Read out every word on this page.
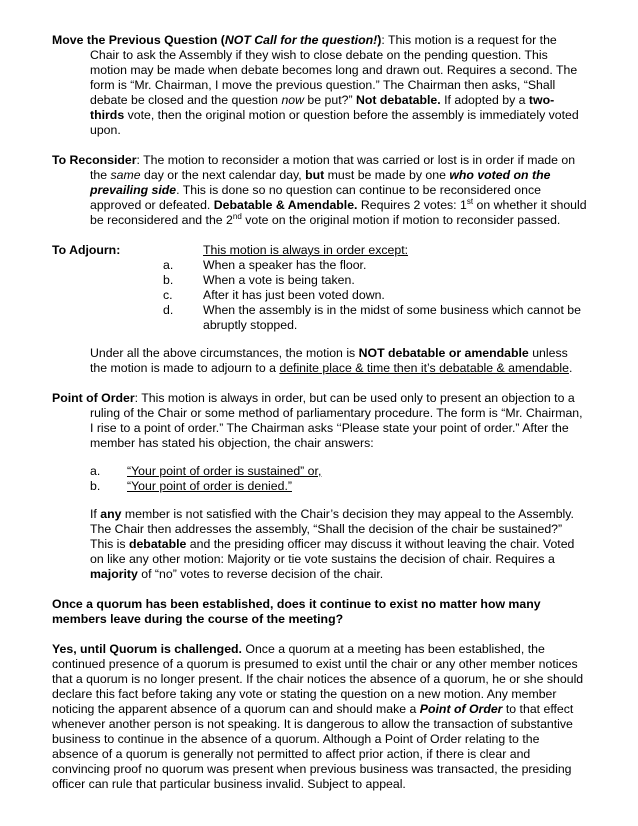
Move the Previous Question (NOT Call for the question!): This motion is a request for the Chair to ask the Assembly if they wish to close debate on the pending question. This motion may be made when debate becomes long and drawn out. Requires a second. The form is “Mr. Chairman, I move the previous question.” The Chairman then asks, “Shall debate be closed and the question now be put?” Not debatable. If adopted by a two-thirds vote, then the original motion or question before the assembly is immediately voted upon.

To Reconsider: The motion to reconsider a motion that was carried or lost is in order if made on the same day or the next calendar day, but must be made by one who voted on the prevailing side. This is done so no question can continue to be reconsidered once approved or defeated. Debatable & Amendable. Requires 2 votes: 1st on whether it should be reconsidered and the 2nd vote on the original motion if motion to reconsider passed.

To Adjourn:	This motion is always in order except:

a. When a speaker has the floor.

b. When a vote is being taken.

c. After it has just been voted down.

d. When the assembly is in the midst of some business which cannot be abruptly stopped.

Under all the above circumstances, the motion is NOT debatable or amendable unless the motion is made to adjourn to a definite place & time then it’s debatable & amendable.

Point of Order: This motion is always in order, but can be used only to present an objection to a ruling of the Chair or some method of parliamentary procedure. The form is “Mr. Chairman, I rise to a point of order.” The Chairman asks ‘‘Please state your point of order.” After the member has stated his objection, the chair answers:

a. “Your point of order is sustained” or,

b. “Your point of order is denied.”

If any member is not satisfied with the Chair’s decision they may appeal to the Assembly. The Chair then addresses the assembly, “Shall the decision of the chair be sustained?” This is debatable and the presiding officer may discuss it without leaving the chair. Voted on like any other motion: Majority or tie vote sustains the decision of chair. Requires a majority of “no” votes to reverse decision of the chair.

Once a quorum has been established, does it continue to exist no matter how many members leave during the course of the meeting?

Yes, until Quorum is challenged. Once a quorum at a meeting has been established, the continued presence of a quorum is presumed to exist until the chair or any other member notices that a quorum is no longer present. If the chair notices the absence of a quorum, he or she should declare this fact before taking any vote or stating the question on a new motion. Any member noticing the apparent absence of a quorum can and should make a Point of Order to that effect whenever another person is not speaking. It is dangerous to allow the transaction of substantive business to continue in the absence of a quorum. Although a Point of Order relating to the absence of a quorum is generally not permitted to affect prior action, if there is clear and convincing proof no quorum was present when previous business was transacted, the presiding officer can rule that particular business invalid. Subject to appeal.
